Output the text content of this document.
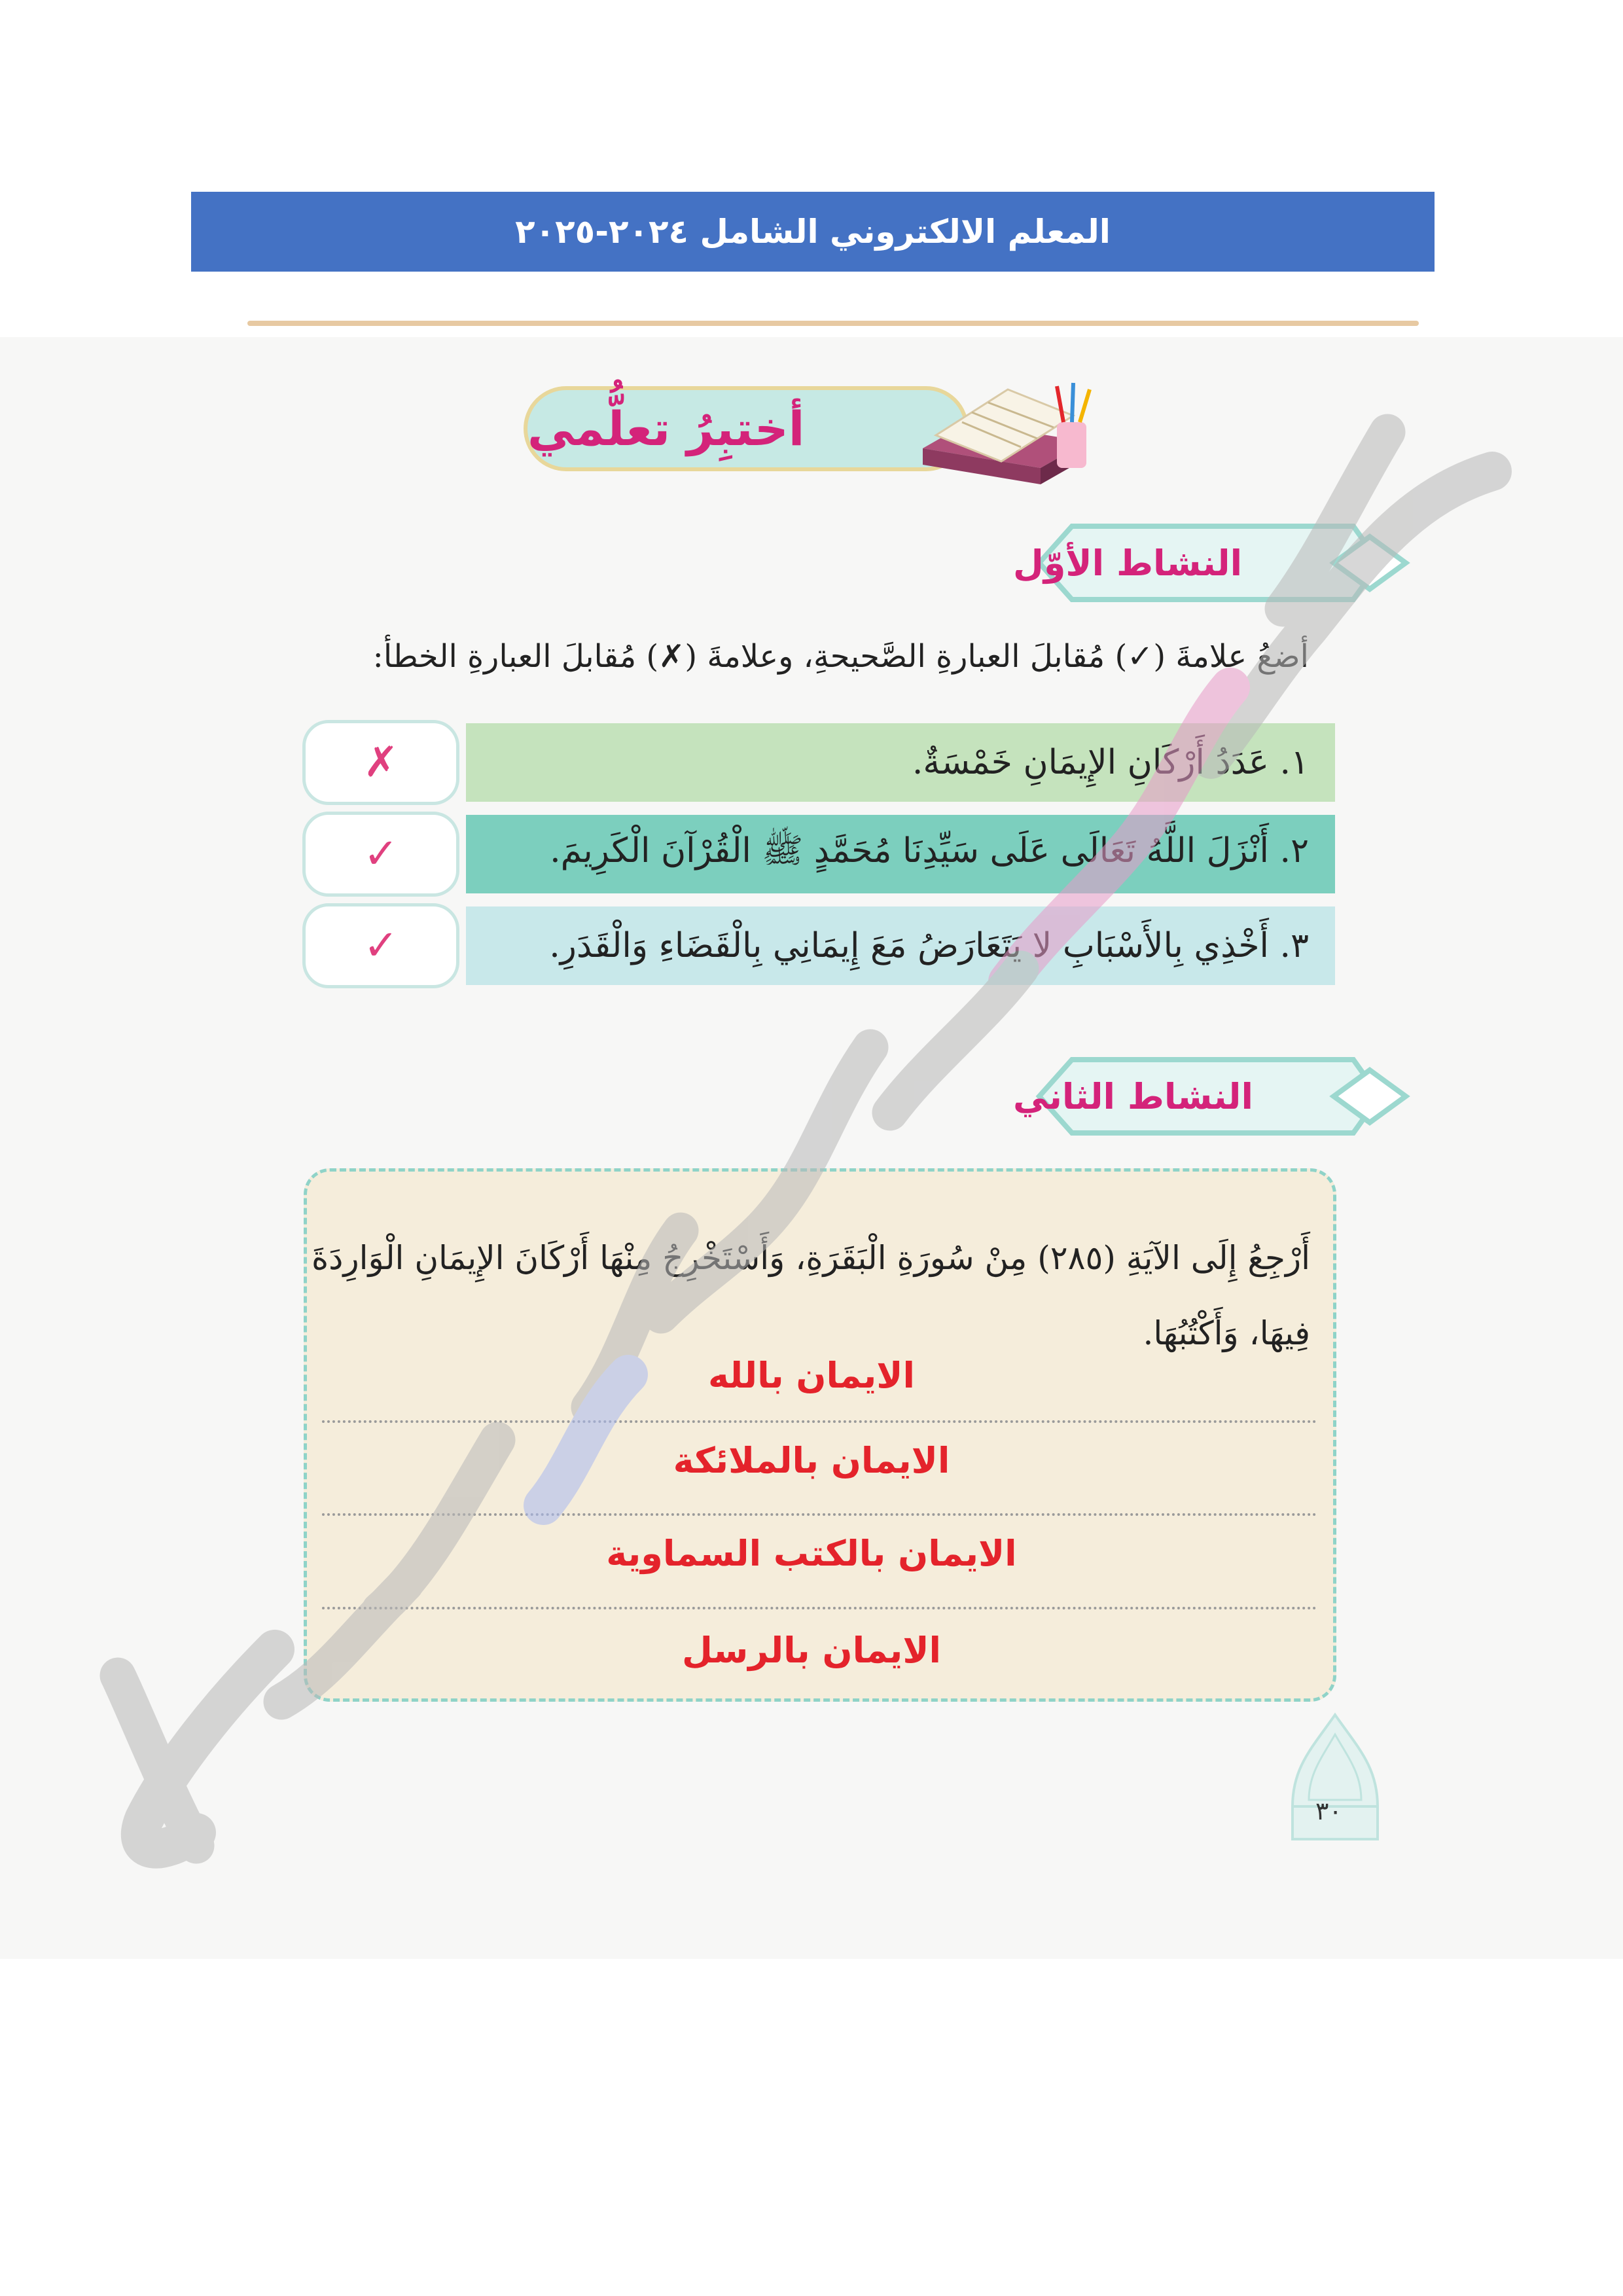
المعلم الالكتروني الشامل ٢٠٢٤-٢٠٢٥
أختبِرُ تعلُّمي
النشاط الأوّل
أضعُ علامةَ (✓) مُقابلَ العبارةِ الصَّحيحةِ، وعلامةَ (✗) مُقابلَ العبارةِ الخطأ:
✗	١. عَدَدُ أَرْكَانِ الإِيمَانِ خَمْسَةٌ.
✓	٢. أَنْزَلَ اللَّهُ تَعَالَى عَلَى سَيِّدِنَا مُحَمَّدٍ ﷺ الْقُرْآنَ الْكَرِيمَ.
✓	٣. أَخْذِي بِالأَسْبَابِ لا يَتَعَارَضُ مَعَ إِيمَانِي بِالْقَضَاءِ وَالْقَدَرِ.
النشاط الثاني
أَرْجِعُ إِلَى الآيَةِ (٢٨٥) مِنْ سُورَةِ الْبَقَرَةِ، وَأَسْتَخْرِجُ مِنْهَا أَرْكَانَ الإِيمَانِ الْوَارِدَةَ فِيهَا، وَأَكْتُبُهَا.
الايمان بالله
الايمان بالملائكة
الايمان بالكتب السماوية
الايمان بالرسل
٣٠
